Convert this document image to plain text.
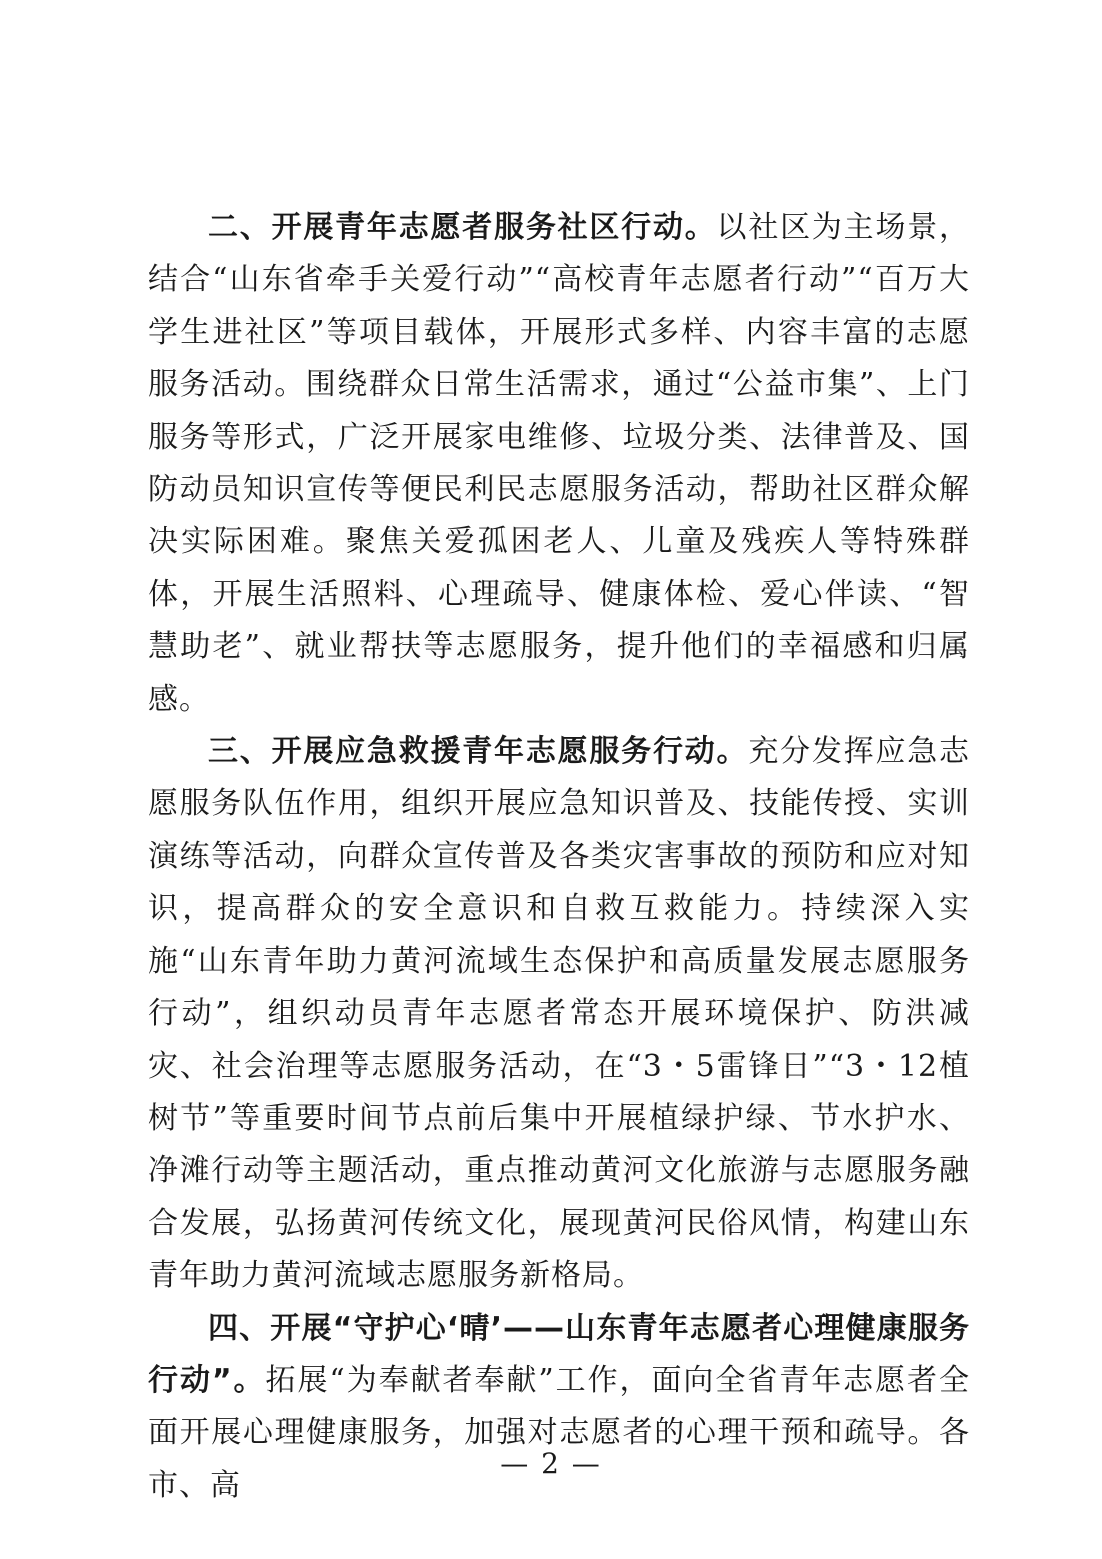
二、开展青年志愿者服务社区行动。以社区为主场景，结合“山东省牵手关爱行动”“高校青年志愿者行动”“百万大学生进社区”等项目载体，开展形式多样、内容丰富的志愿服务活动。围绕群众日常生活需求，通过“公益市集”、上门服务等形式，广泛开展家电维修、垃圾分类、法律普及、国防动员知识宣传等便民利民志愿服务活动，帮助社区群众解决实际困难。聚焦关爱孤困老人、儿童及残疾人等特殊群体，开展生活照料、心理疏导、健康体检、爱心伴读、“智慧助老”、就业帮扶等志愿服务，提升他们的幸福感和归属感。

三、开展应急救援青年志愿服务行动。充分发挥应急志愿服务队伍作用，组织开展应急知识普及、技能传授、实训演练等活动，向群众宣传普及各类灾害事故的预防和应对知识，提高群众的安全意识和自救互救能力。持续深入实施“山东青年助力黄河流域生态保护和高质量发展志愿服务行动”，组织动员青年志愿者常态开展环境保护、防洪减灾、社会治理等志愿服务活动，在“3・5雷锋日”“3・12植树节”等重要时间节点前后集中开展植绿护绿、节水护水、净滩行动等主题活动，重点推动黄河文化旅游与志愿服务融合发展，弘扬黄河传统文化，展现黄河民俗风情，构建山东青年助力黄河流域志愿服务新格局。

四、开展“守护心‘晴’——山东青年志愿者心理健康服务行动”。拓展“为奉献者奉献”工作，面向全省青年志愿者全面开展心理健康服务，加强对志愿者的心理干预和疏导。各市、高

— 2 —
